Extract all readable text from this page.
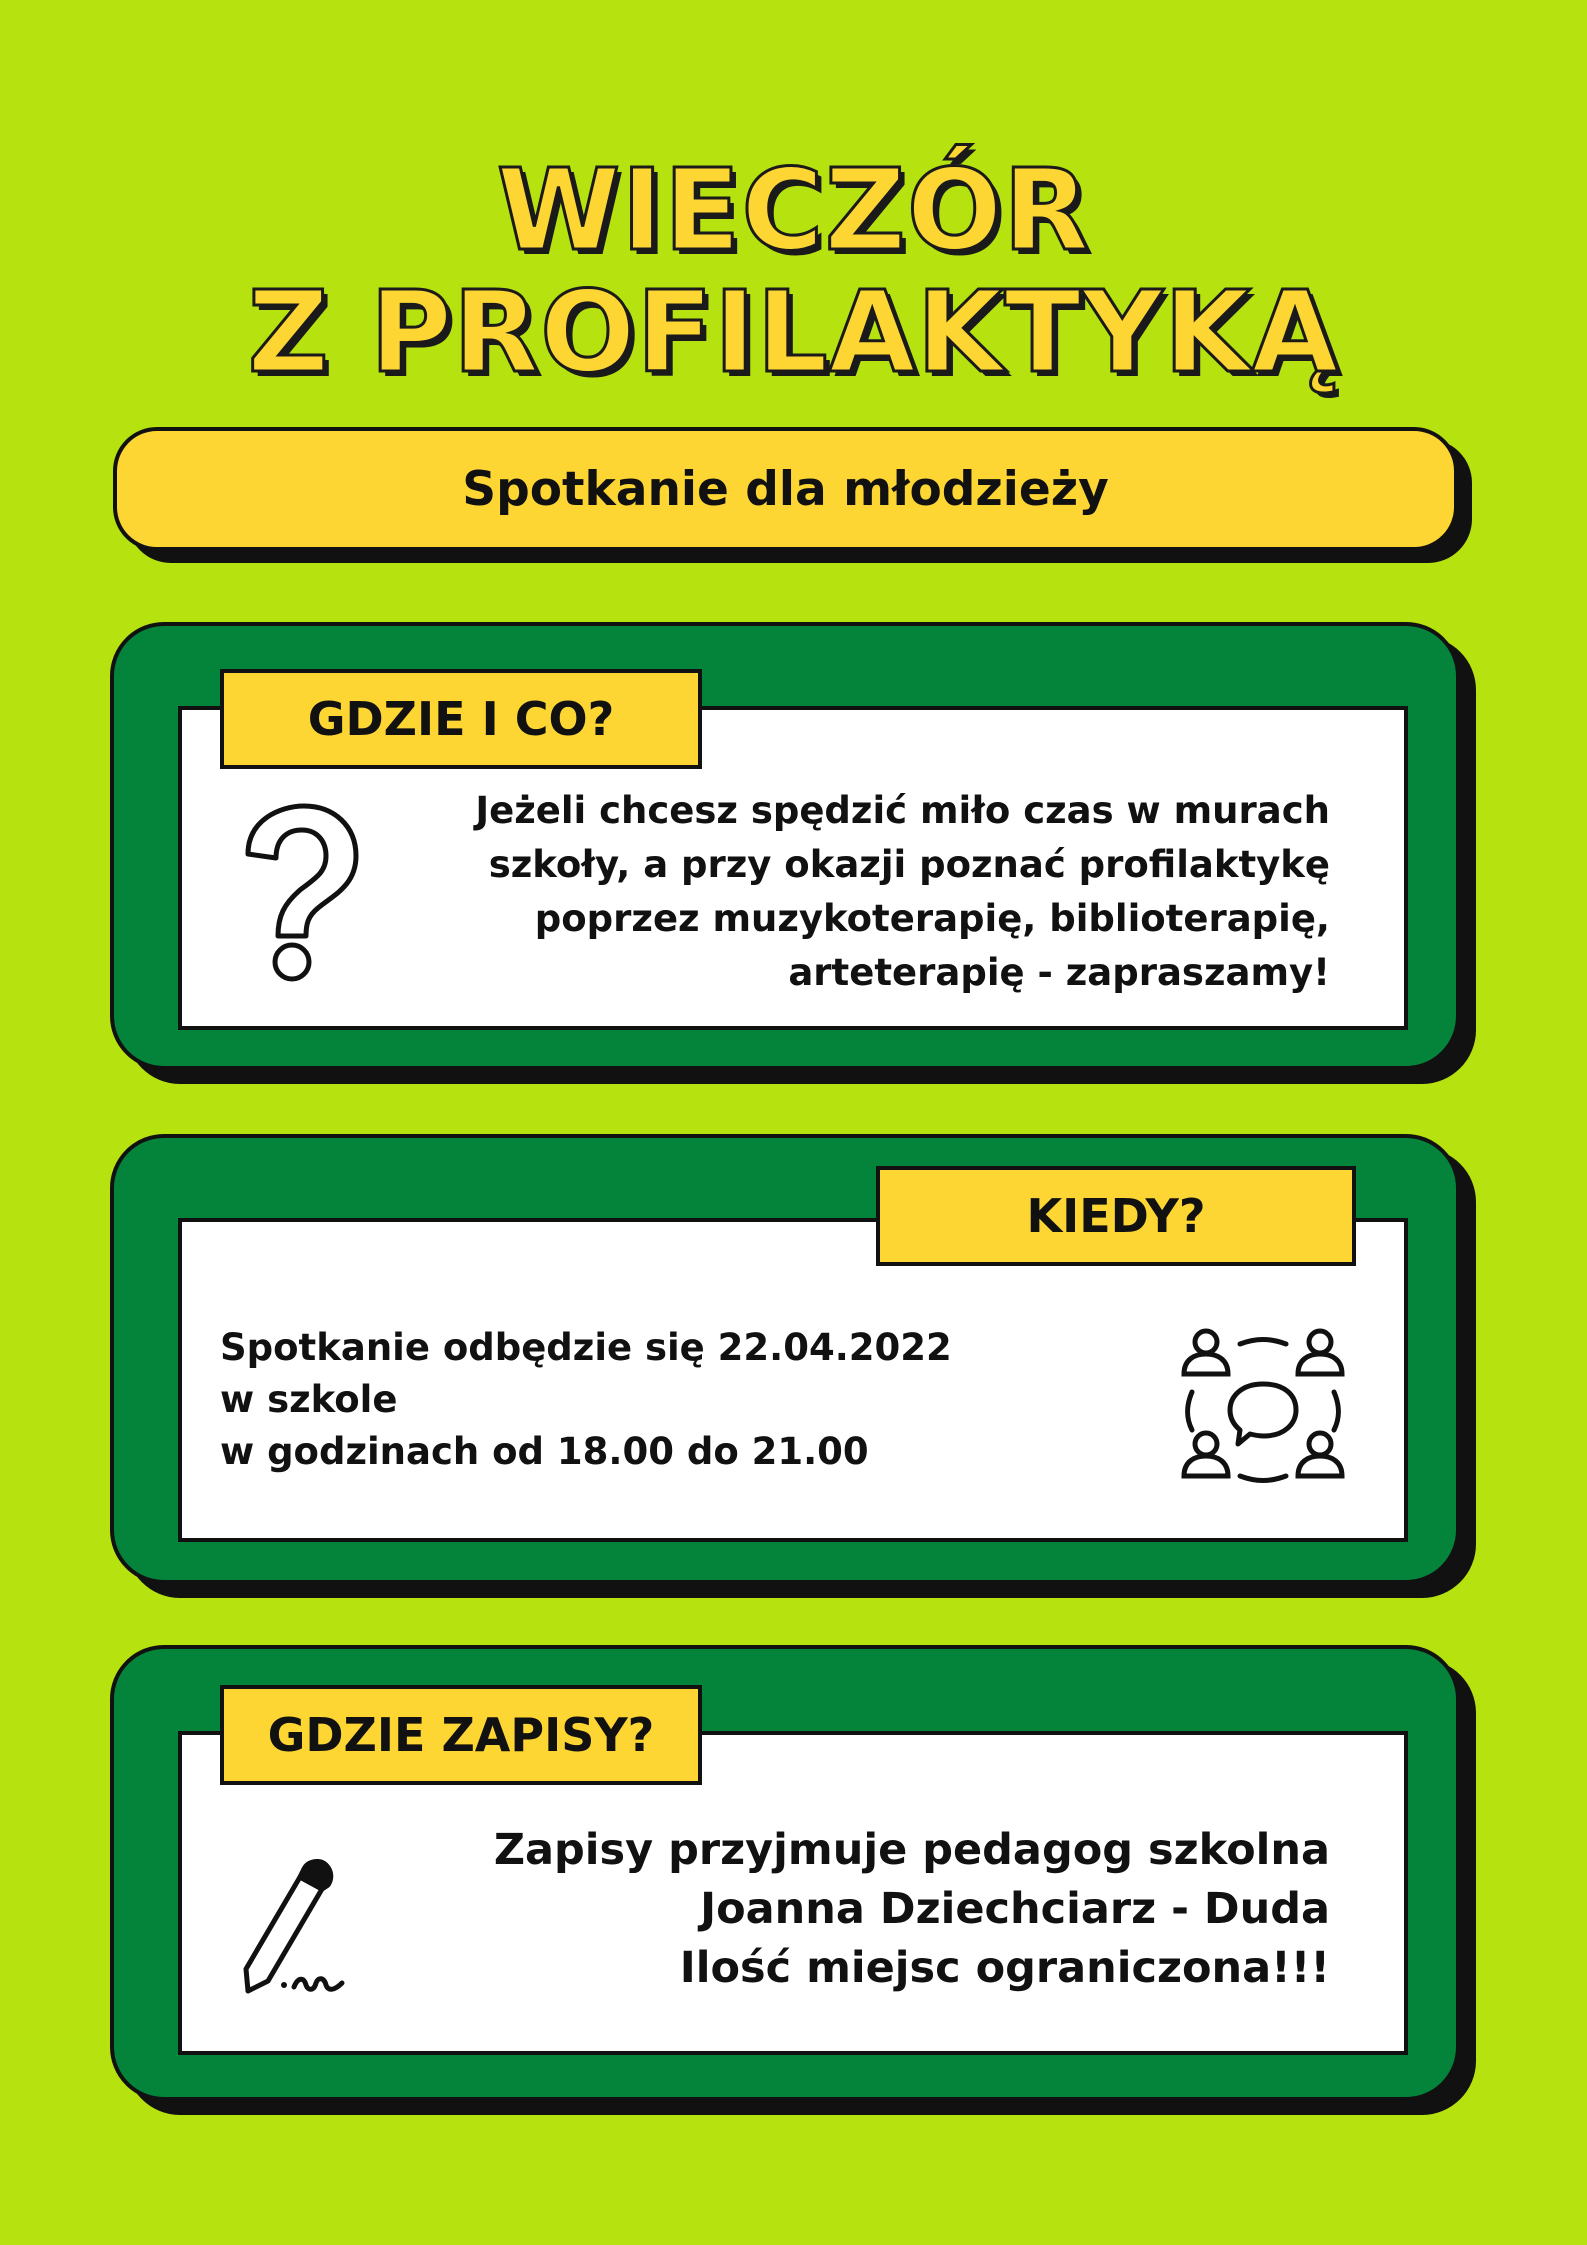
WIECZÓR
Z PROFILAKTYKĄ
Spotkanie dla młodzieży
GDZIE I CO?
Jeżeli chcesz spędzić miło czas w murach
szkoły, a przy okazji poznać profilaktykę
poprzez muzykoterapię, biblioterapię,
arteterapię - zapraszamy!
KIEDY?
Spotkanie odbędzie się 22.04.2022
w szkole
w godzinach od 18.00 do 21.00
GDZIE ZAPISY?
Zapisy przyjmuje pedagog szkolna
Joanna Dziechciarz - Duda
Ilość miejsc ograniczona!!!
